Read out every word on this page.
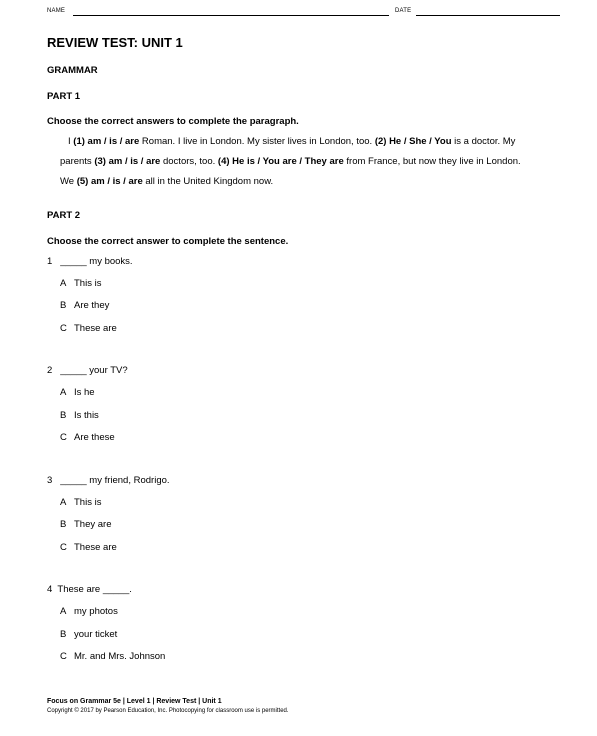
NAME	DATE
REVIEW TEST: UNIT 1
GRAMMAR
PART 1
Choose the correct answers to complete the paragraph.
I (1) am / is / are Roman. I live in London. My sister lives in London, too. (2) He / She / You is a doctor. My
parents (3) am / is / are doctors, too. (4) He is / You are / They are from France, but now they live in London.
We (5) am / is / are all in the United Kingdom now.
PART 2
Choose the correct answer to complete the sentence.
1 _____ my books.
A This is
B Are they
C These are
2 _____ your TV?
A Is he
B Is this
C Are these
3 _____ my friend, Rodrigo.
A This is
B They are
C These are
4 These are _____.
A my photos
B your ticket
C Mr. and Mrs. Johnson
Focus on Grammar 5e | Level 1 | Review Test | Unit 1
Copyright © 2017 by Pearson Education, Inc. Photocopying for classroom use is permitted.
